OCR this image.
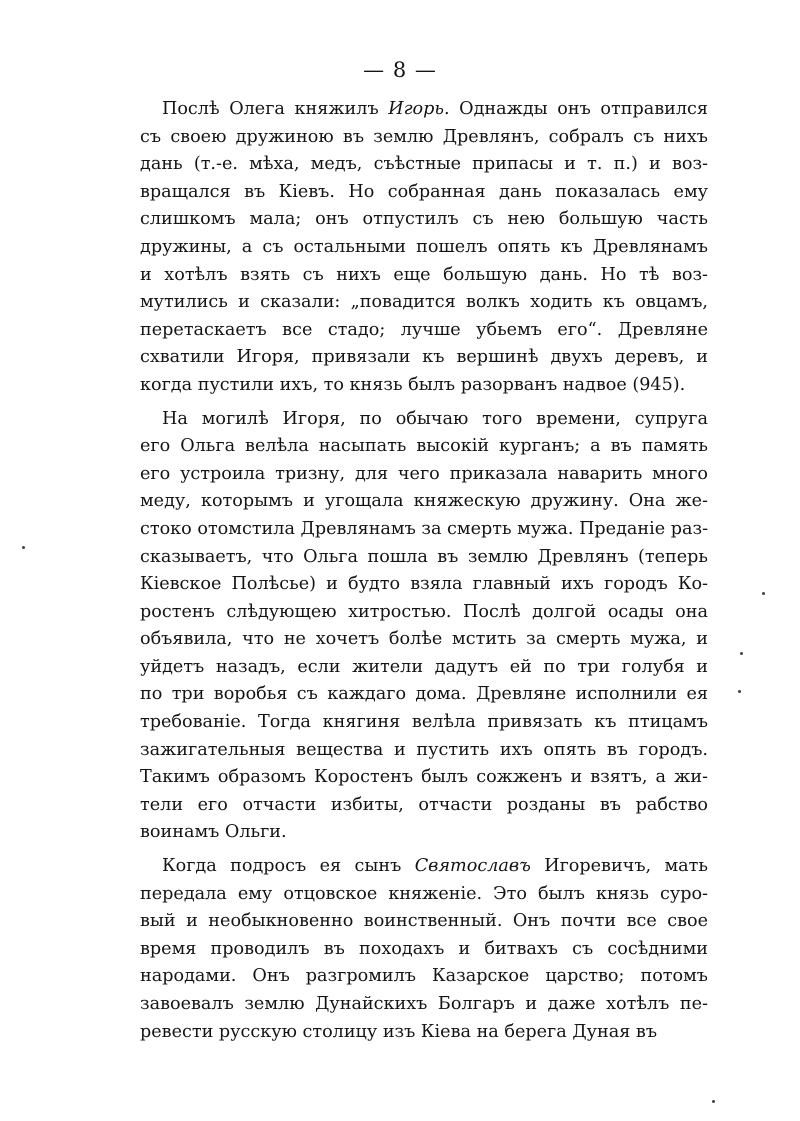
— 8 —
Послѣ Олега княжилъ Игорь. Однажды онъ отправился
съ своею дружиною въ землю Древлянъ, собралъ съ нихъ
дань (т.-е. мѣха, медъ, съѣстные припасы и т. п.) и воз-
вращался въ Кіевъ. Но собранная дань показалась ему
слишкомъ мала; онъ отпустилъ съ нею большую часть
дружины, а съ остальными пошелъ опять къ Древлянамъ
и хотѣлъ взять съ нихъ еще большую дань. Но тѣ воз-
мутились и сказали: „повадится волкъ ходить къ овцамъ,
перетаскаетъ все стадо; лучше убьемъ его“. Древляне
схватили Игоря, привязали къ вершинѣ двухъ деревъ, и
когда пустили ихъ, то князь былъ разорванъ надвое (945).
На могилѣ Игоря, по обычаю того времени, супруга
его Ольга велѣла насыпать высокій курганъ; а въ память
его устроила тризну, для чего приказала наварить много
меду, которымъ и угощала княжескую дружину. Она же-
стоко отомстила Древлянамъ за смерть мужа. Преданіе раз-
сказываетъ, что Ольга пошла въ землю Древлянъ (теперь
Кіевское Полѣсье) и будто взяла главный ихъ городъ Ко-
ростенъ слѣдующею хитростью. Послѣ долгой осады она
объявила, что не хочетъ болѣе мстить за смерть мужа, и
уйдетъ назадъ, если жители дадутъ ей по три голубя и
по три воробья съ каждаго дома. Древляне исполнили ея
требованіе. Тогда княгиня велѣла привязать къ птицамъ
зажигательныя вещества и пустить ихъ опять въ городъ.
Такимъ образомъ Коростенъ былъ сожженъ и взятъ, а жи-
тели его отчасти избиты, отчасти розданы въ рабство
воинамъ Ольги.
Когда подросъ ея сынъ Святославъ Игоревичъ, мать
передала ему отцовское княженіе. Это былъ князь суро-
вый и необыкновенно воинственный. Онъ почти все свое
время проводилъ въ походахъ и битвахъ съ сосѣдними
народами. Онъ разгромилъ Казарское царство; потомъ
завоевалъ землю Дунайскихъ Болгаръ и даже хотѣлъ пе-
ревести русскую столицу изъ Кіева на берега Дуная въ
